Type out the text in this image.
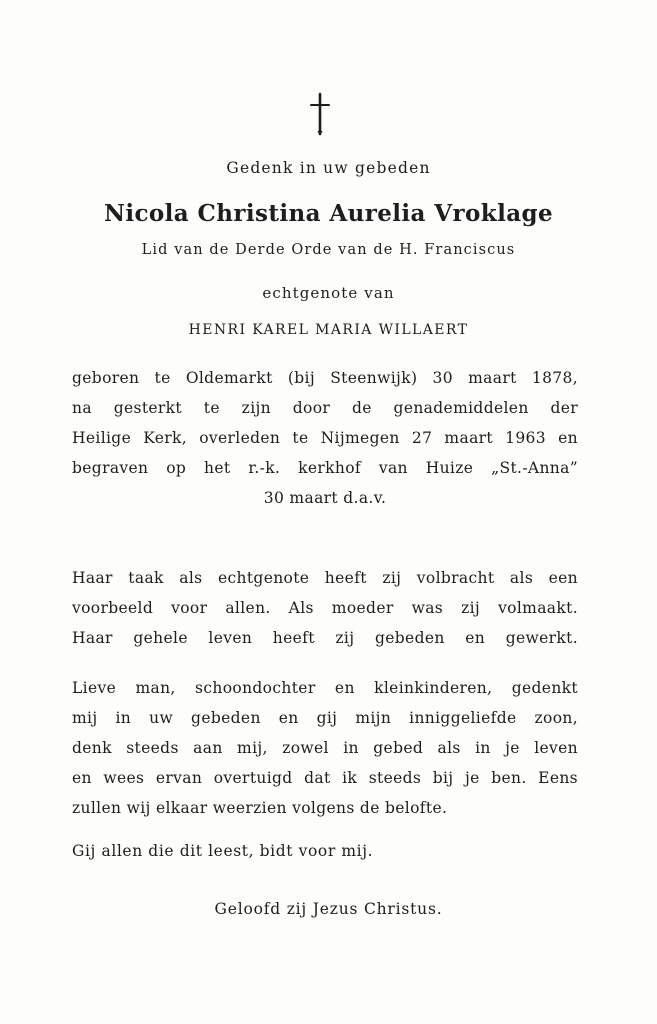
Gedenk in uw gebeden
Nicola Christina Aurelia Vroklage
Lid van de Derde Orde van de H. Franciscus
echtgenote van
HENRI KAREL MARIA WILLAERT
geboren te Oldemarkt (bij Steenwijk) 30 maart 1878,
na gesterkt te zijn door de genademiddelen der
Heilige Kerk, overleden te Nijmegen 27 maart 1963 en
begraven op het r.-k. kerkhof van Huize „St.-Anna”
30 maart d.a.v.
Haar taak als echtgenote heeft zij volbracht als een
voorbeeld voor allen. Als moeder was zij volmaakt.
Haar gehele leven heeft zij gebeden en gewerkt.
Lieve man, schoondochter en kleinkinderen, gedenkt
mij in uw gebeden en gij mijn inniggeliefde zoon,
denk steeds aan mij, zowel in gebed als in je leven
en wees ervan overtuigd dat ik steeds bij je ben. Eens
zullen wij elkaar weerzien volgens de belofte.
Gij allen die dit leest, bidt voor mij.
Geloofd zij Jezus Christus.
